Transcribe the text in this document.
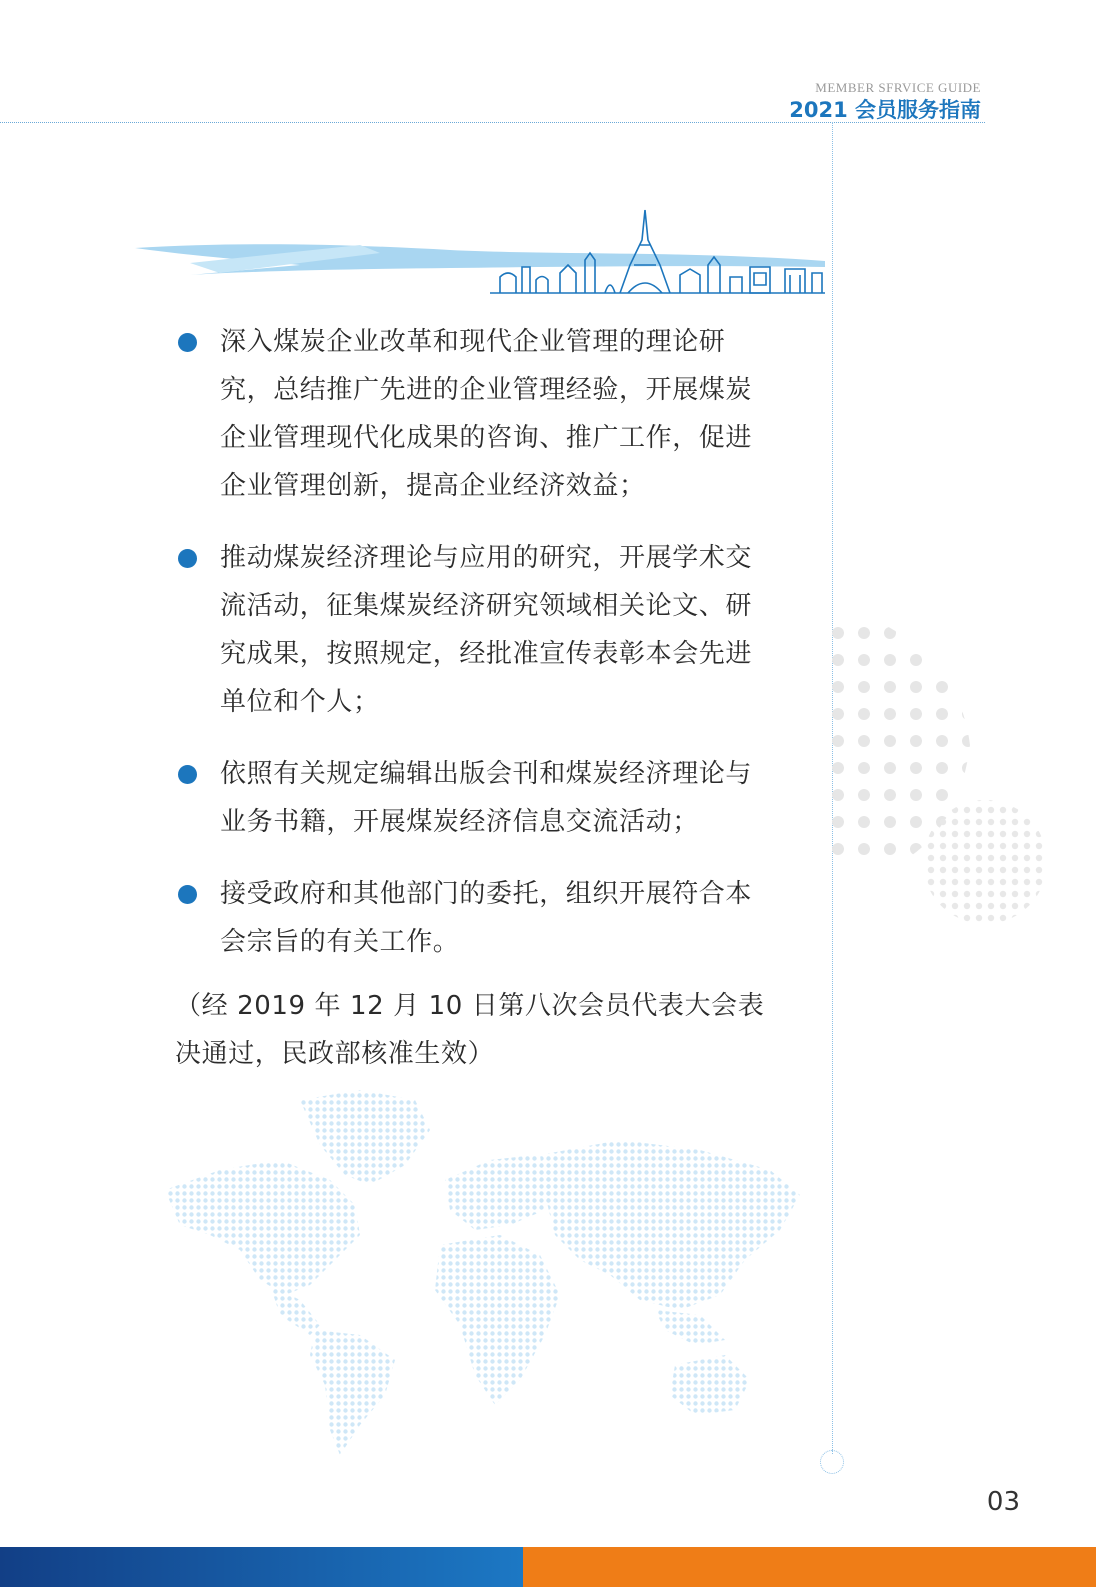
MEMBER SFRVICE GUIDE
2021 会员服务指南
深入煤炭企业改革和现代企业管理的理论研究，总结推广先进的企业管理经验，开展煤炭企业管理现代化成果的咨询、推广工作，促进企业管理创新，提高企业经济效益；
推动煤炭经济理论与应用的研究，开展学术交流活动，征集煤炭经济研究领域相关论文、研究成果，按照规定，经批准宣传表彰本会先进单位和个人；
依照有关规定编辑出版会刊和煤炭经济理论与业务书籍，开展煤炭经济信息交流活动；
接受政府和其他部门的委托，组织开展符合本会宗旨的有关工作。
（经 2019 年 12 月 10 日第八次会员代表大会表决通过，民政部核准生效）
03
